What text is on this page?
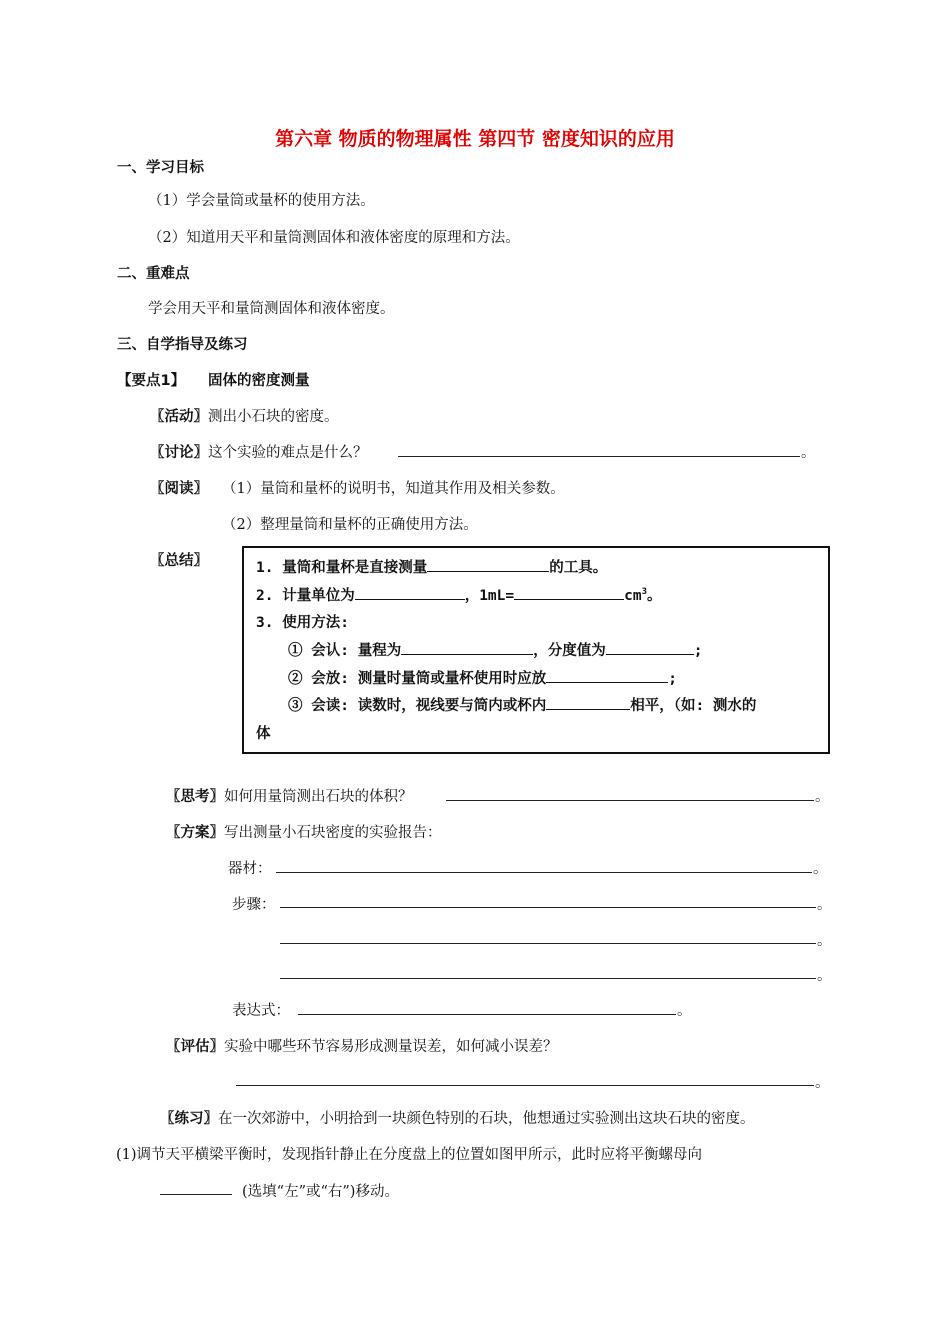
第六章 物质的物理属性 第四节 密度知识的应用
一、学习目标
（1）学会量筒或量杯的使用方法。
（2）知道用天平和量筒测固体和液体密度的原理和方法。
二、重难点
学会用天平和量筒测固体和液体密度。
三、自学指导及练习
【要点1】 固体的密度测量
〖活动〗测出小石块的密度。
〖讨论〗这个实验的难点是什么？	。
〖阅读〗 （1）量筒和量杯的说明书，知道其作用及相关参数。
（2）整理量筒和量杯的正确使用方法。
〖总结〗	1. 量筒和量杯是直接测量	的工具。
2. 计量单位为	，1mL=	$cm^3$。
3. 使用方法:
① 会认: 量程为	，分度值为	;
② 会放: 测量时量筒或量杯使用时应放	;
③ 会读: 读数时，视线要与筒内或杯内	相平，（如: 测水的
体
〖思考〗如何用量筒测出石块的体积？	。
〖方案〗写出测量小石块密度的实验报告：
器材：	。
步骤：	。
。
。
表达式：	。
〖评估〗实验中哪些环节容易形成测量误差，如何减小误差？
。
〖练习〗在一次郊游中，小明拾到一块颜色特别的石块，他想通过实验测出这块石块的密度。
(1)调节天平横梁平衡时，发现指针静止在分度盘上的位置如图甲所示，此时应将平衡螺母向
(选填“左”或“右”)移动。
